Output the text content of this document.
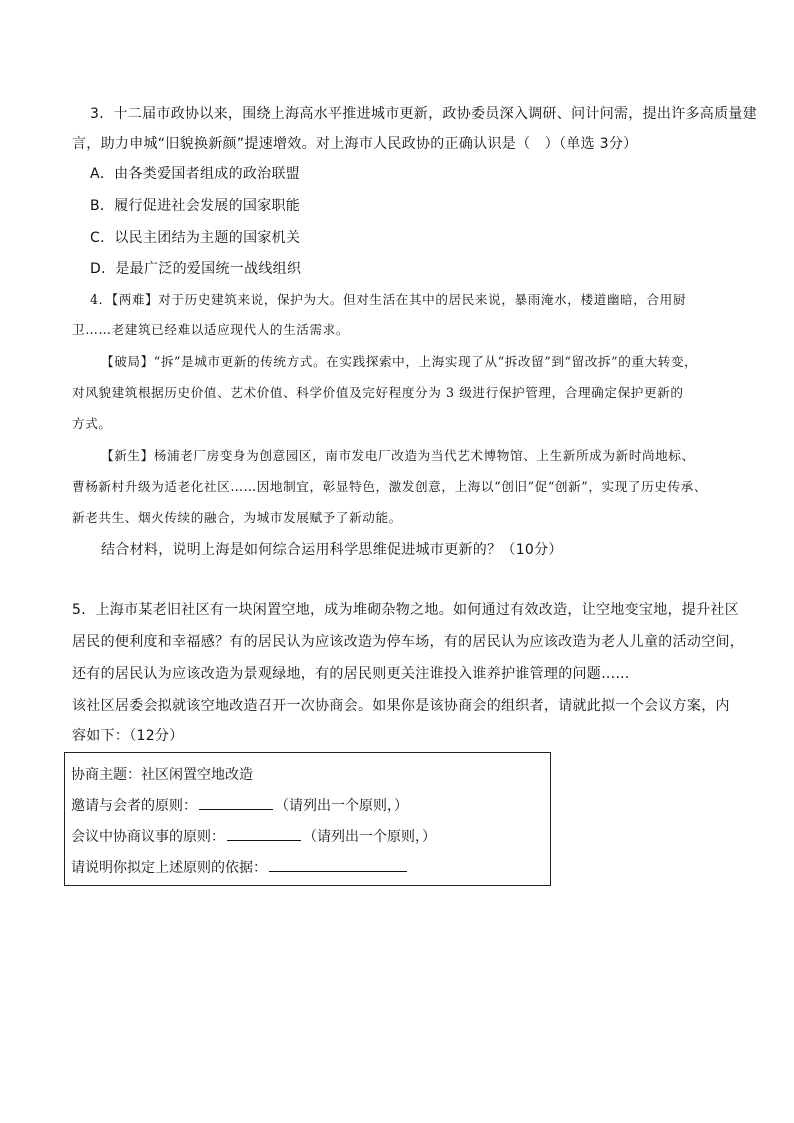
3．十二届市政协以来，围绕上海高水平推进城市更新，政协委员深入调研、问计问需，提出许多高质量建
言，助力申城“旧貌换新颜”提速增效。对上海市人民政协的正确认识是（　）（单选 3分）
A．由各类爱国者组成的政治联盟
B．履行促进社会发展的国家职能
C．以民主团结为主题的国家机关
D．是最广泛的爱国统一战线组织
4．【两难】对于历史建筑来说，保护为大。但对生活在其中的居民来说，暴雨淹水，楼道幽暗，合用厨
卫……老建筑已经难以适应现代人的生活需求。
【破局】“拆”是城市更新的传统方式。在实践探索中，上海实现了从“拆改留”到“留改拆”的重大转变，
对风貌建筑根据历史价值、艺术价值、科学价值及完好程度分为 3 级进行保护管理，合理确定保护更新的
方式。
【新生】杨浦老厂房变身为创意园区，南市发电厂改造为当代艺术博物馆、上生新所成为新时尚地标、
曹杨新村升级为适老化社区……因地制宜，彰显特色，激发创意，上海以“创旧”促“创新”，实现了历史传承、
新老共生、烟火传续的融合，为城市发展赋予了新动能。
结合材料，说明上海是如何综合运用科学思维促进城市更新的？（10分）
5．上海市某老旧社区有一块闲置空地，成为堆砌杂物之地。如何通过有效改造，让空地变宝地，提升社区
居民的便利度和幸福感？有的居民认为应该改造为停车场，有的居民认为应该改造为老人儿童的活动空间，
还有的居民认为应该改造为景观绿地，有的居民则更关注谁投入谁养护谁管理的问题……
该社区居委会拟就该空地改造召开一次协商会。如果你是该协商会的组织者，请就此拟一个会议方案，内
容如下：（12分）
协商主题：社区闲置空地改造
邀请与会者的原则：	（请列出一个原则，）
会议中协商议事的原则：	（请列出一个原则，）
请说明你拟定上述原则的依据：
